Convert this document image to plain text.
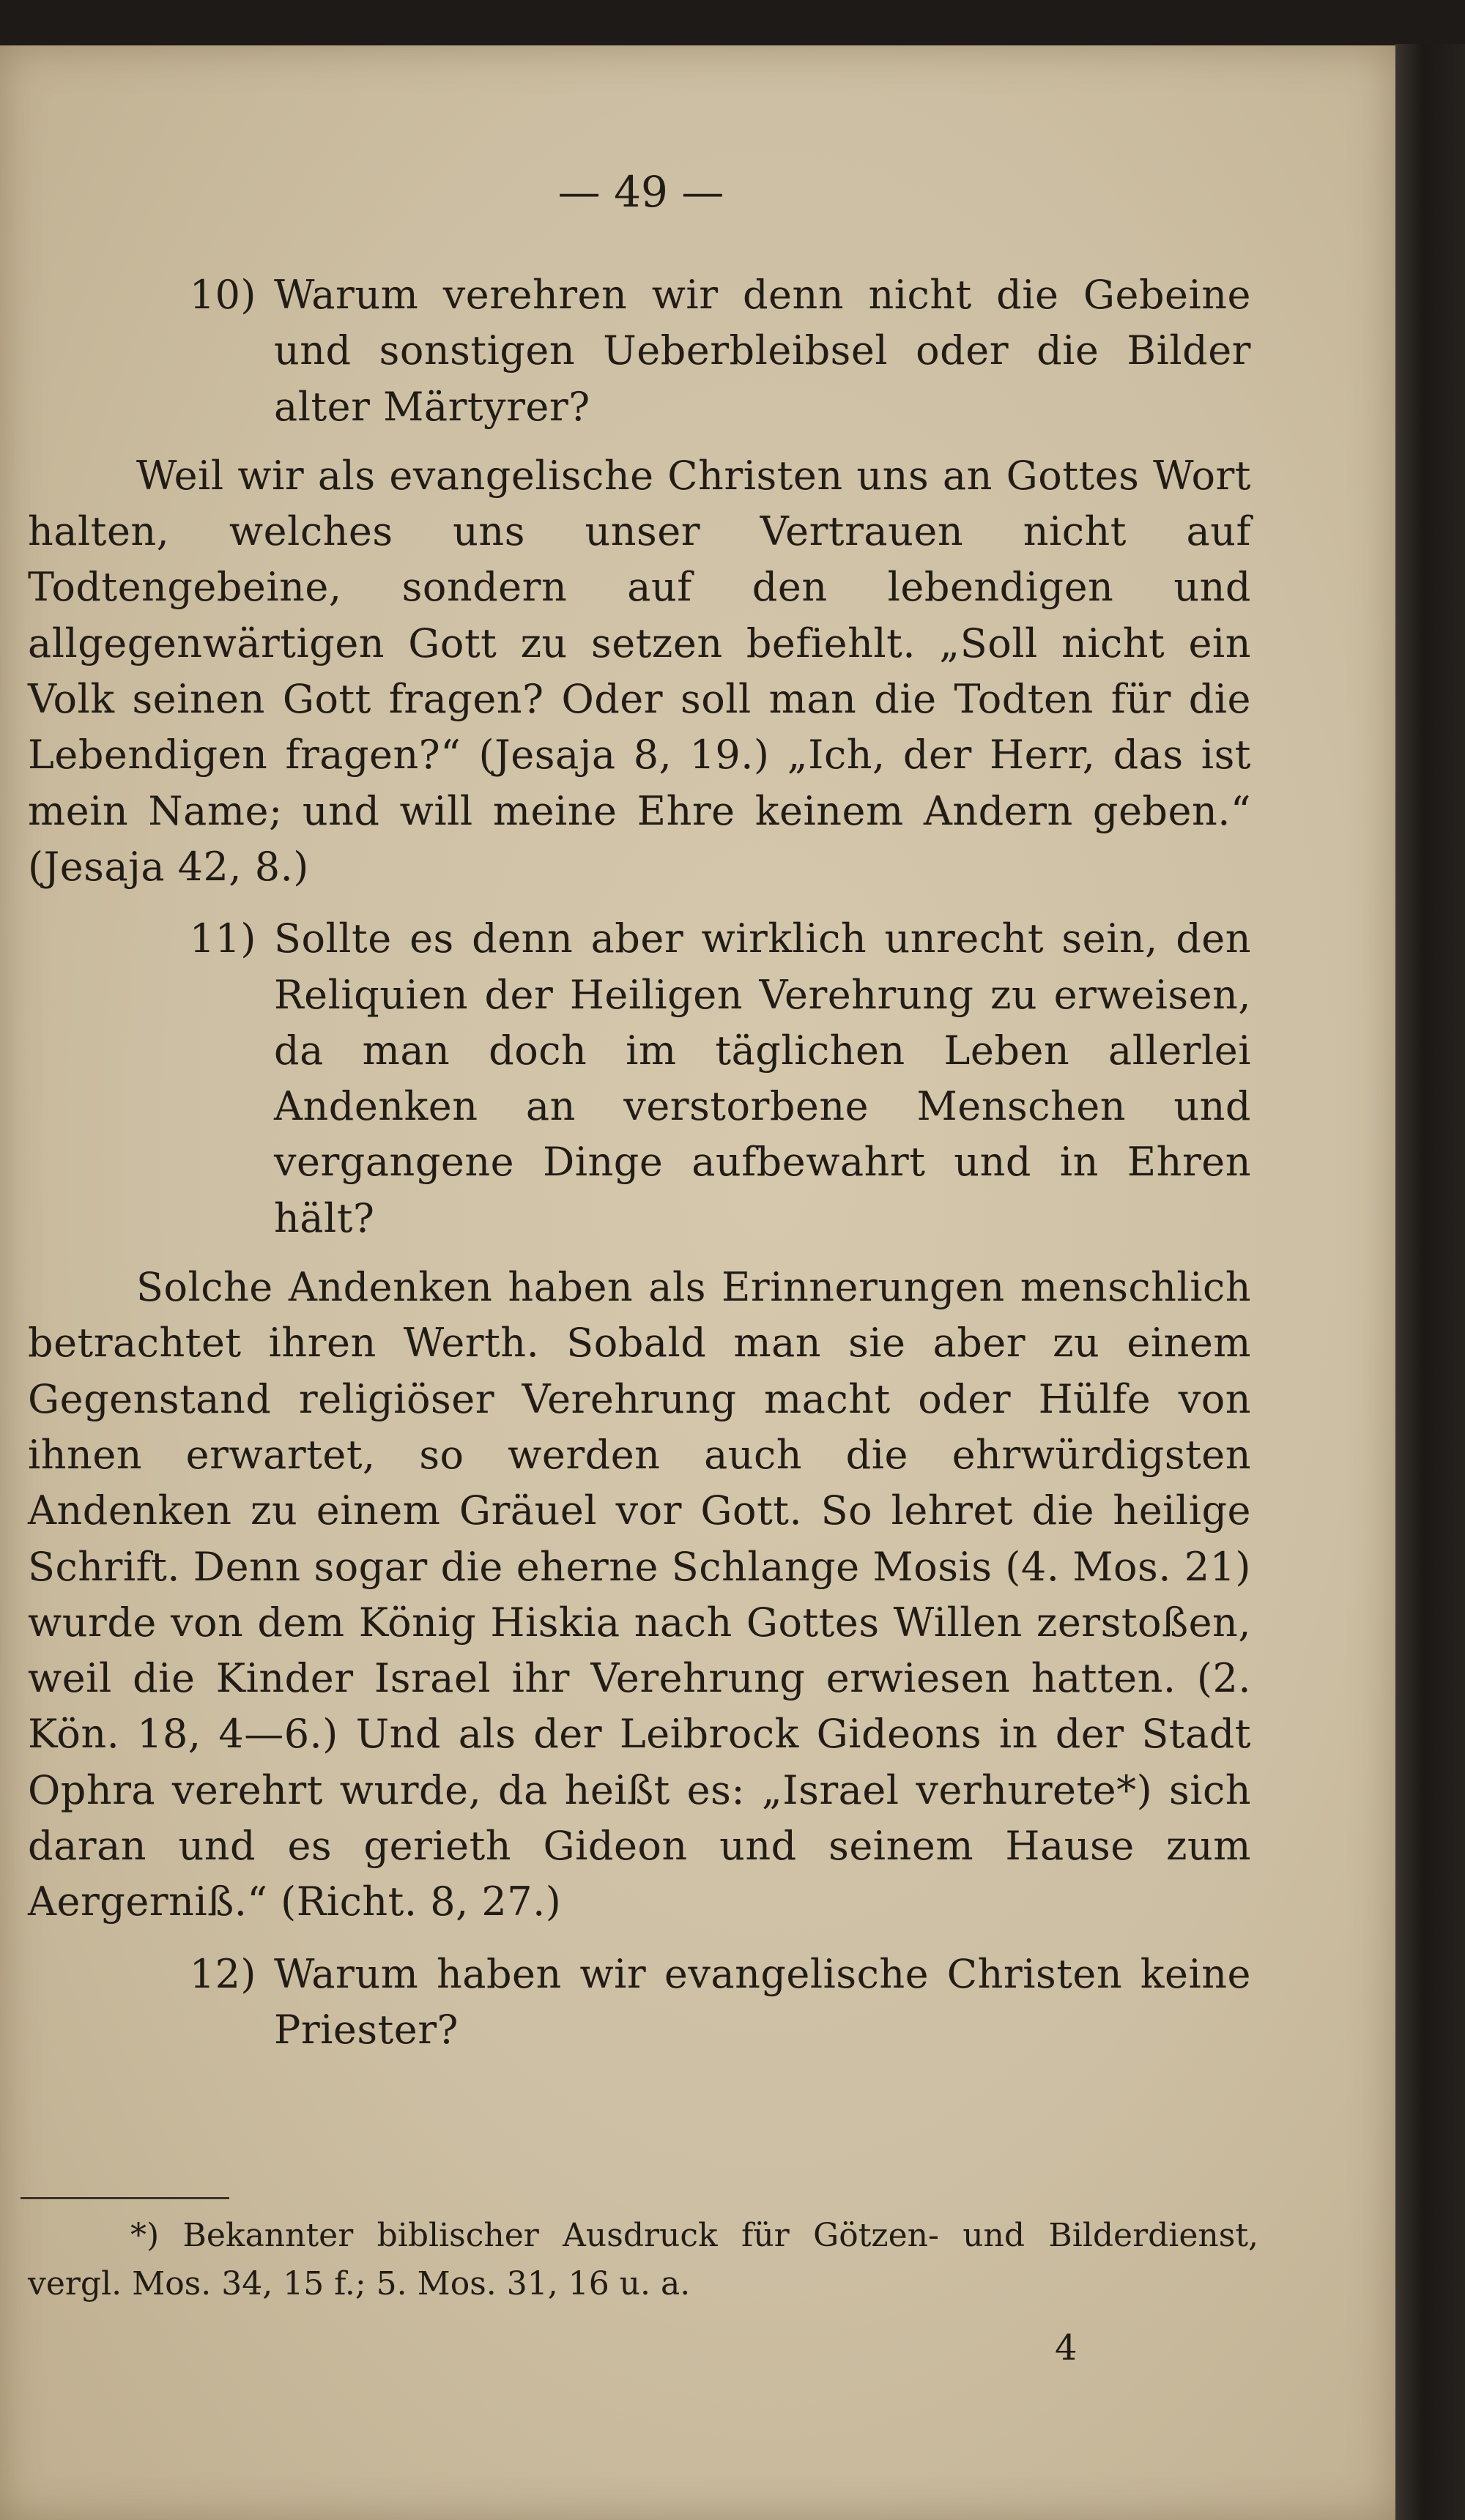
— 49 —
10) Warum verehren wir denn nicht die Gebeine und sonstigen Ueberbleibsel oder die Bilder alter Märtyrer?

Weil wir als evangelische Christen uns an Gottes Wort halten, welches uns unser Vertrauen nicht auf Todtengebeine, sondern auf den lebendigen und allgegenwärtigen Gott zu setzen befiehlt. „Soll nicht ein Volk seinen Gott fragen? Oder soll man die Todten für die Lebendigen fragen?“ (Jesaja 8, 19.) „Ich, der Herr, das ist mein Name; und will meine Ehre keinem Andern geben.“ (Jesaja 42, 8.)

11) Sollte es denn aber wirklich unrecht sein, den Reliquien der Heiligen Verehrung zu erweisen, da man doch im täglichen Leben allerlei Andenken an verstorbene Menschen und vergangene Dinge aufbewahrt und in Ehren hält?

Solche Andenken haben als Erinnerungen menschlich betrachtet ihren Werth. Sobald man sie aber zu einem Gegenstand religiöser Verehrung macht oder Hülfe von ihnen erwartet, so werden auch die ehrwürdigsten Andenken zu einem Gräuel vor Gott. So lehret die heilige Schrift. Denn sogar die eherne Schlange Mosis (4. Mos. 21) wurde von dem König Hiskia nach Gottes Willen zerstoßen, weil die Kinder Israel ihr Verehrung erwiesen hatten. (2. Kön. 18, 4—6.) Und als der Leibrock Gideons in der Stadt Ophra verehrt wurde, da heißt es: „Israel verhurete*) sich daran und es gerieth Gideon und seinem Hause zum Aergerniß.“ (Richt. 8, 27.)

12) Warum haben wir evangelische Christen keine Priester?
*) Bekannter biblischer Ausdruck für Götzen- und Bilderdienst, vergl. Mos. 34, 15 f.; 5. Mos. 31, 16 u. a.
4
